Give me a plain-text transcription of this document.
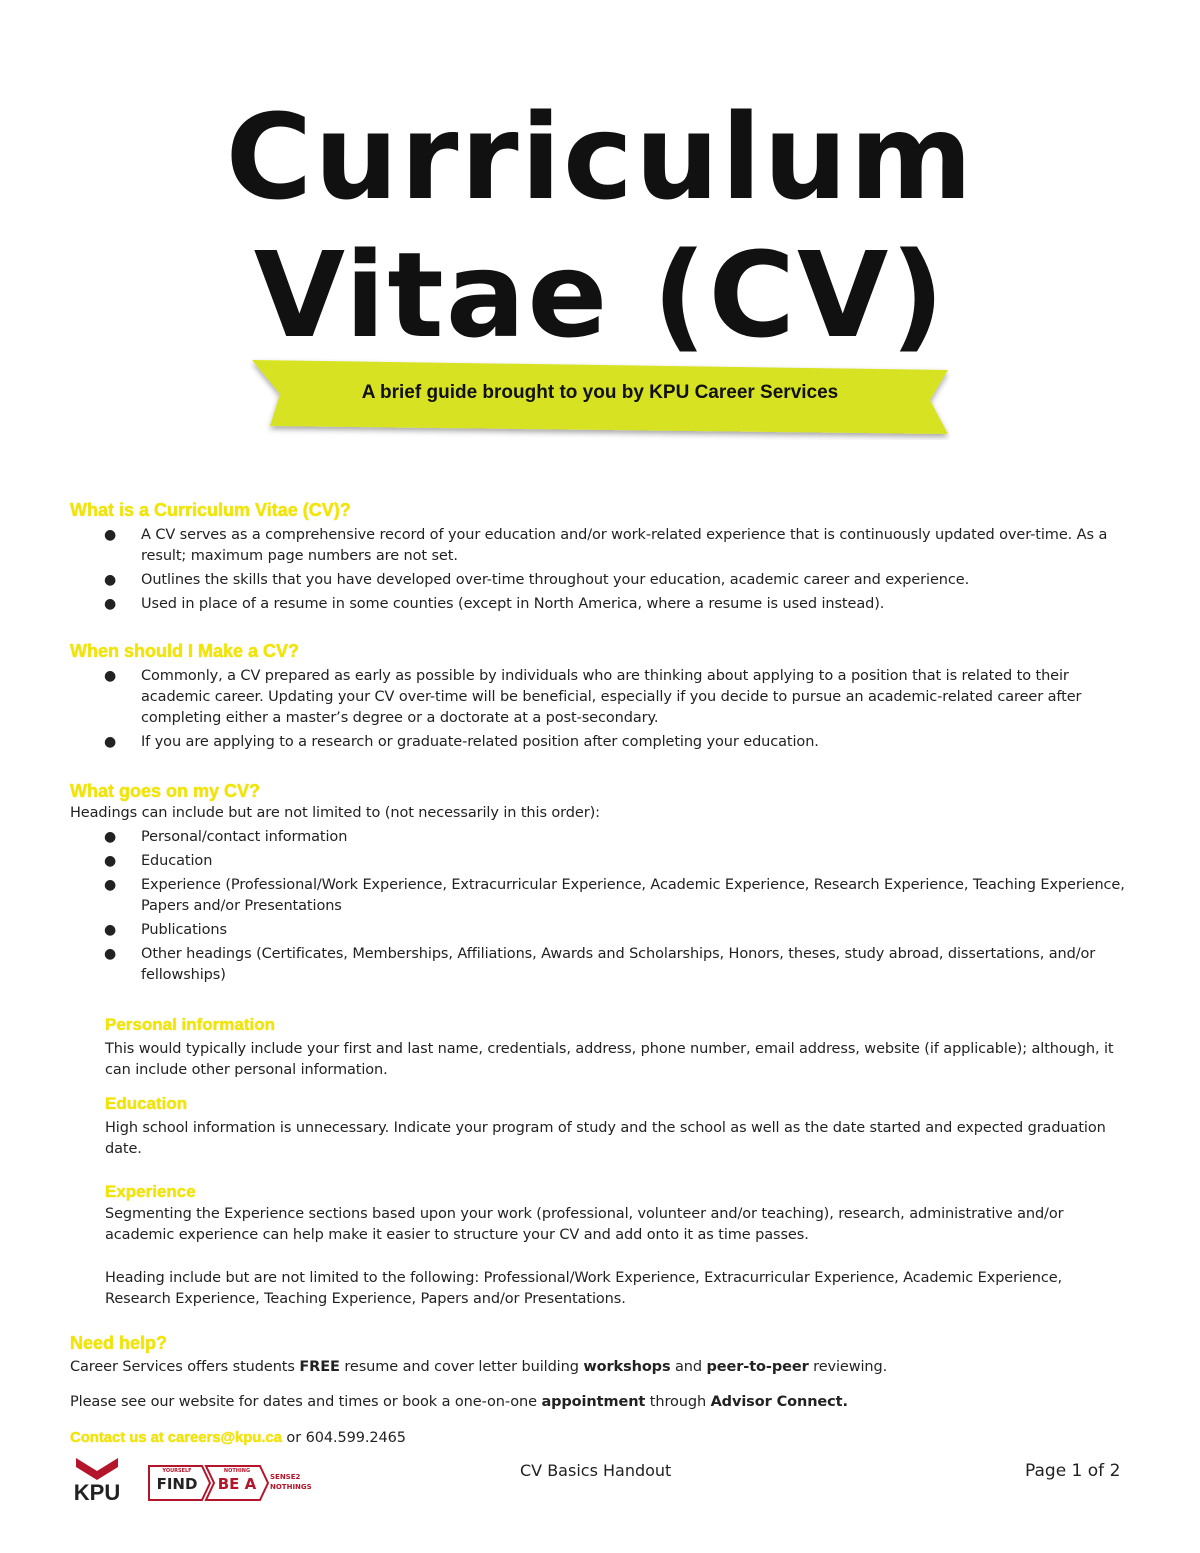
Curriculum
Vitae (CV)
A brief guide brought to you by KPU Career Services

What is a Curriculum Vitae (CV)?

● A CV serves as a comprehensive record of your education and/or work-related experience that is continuously updated over-time. As a result; maximum page numbers are not set.
● Outlines the skills that you have developed over-time throughout your education, academic career and experience.
● Used in place of a resume in some counties (except in North America, where a resume is used instead).

When should I Make a CV?

● Commonly, a CV prepared as early as possible by individuals who are thinking about applying to a position that is related to their academic career. Updating your CV over-time will be beneficial, especially if you decide to pursue an academic-related career after completing either a master’s degree or a doctorate at a post-secondary.
● If you are applying to a research or graduate-related position after completing your education.

What goes on my CV?

Headings can include but are not limited to (not necessarily in this order):

● Personal/contact information
● Education
● Experience (Professional/Work Experience, Extracurricular Experience, Academic Experience, Research Experience, Teaching Experience, Papers and/or Presentations
● Publications
● Other headings (Certificates, Memberships, Affiliations, Awards and Scholarships, Honors, theses, study abroad, dissertations, and/or fellowships)

Personal information

This would typically include your first and last name, credentials, address, phone number, email address, website (if applicable); although, it can include other personal information.

Education

High school information is unnecessary. Indicate your program of study and the school as well as the date started and expected graduation date.

Experience

Segmenting the Experience sections based upon your work (professional, volunteer and/or teaching), research, administrative and/or academic experience can help make it easier to structure your CV and add onto it as time passes.

Heading include but are not limited to the following: Professional/Work Experience, Extracurricular Experience, Academic Experience, Research Experience, Teaching Experience, Papers and/or Presentations.

Need help?

Career Services offers students FREE resume and cover letter building workshops and peer-to-peer reviewing.

Please see our website for dates and times or book a one-on-one appointment through Advisor Connect.

Contact us at careers@kpu.ca or 604.599.2465

KPU
YOURSELF
FIND
NOTHING
BE A	SENSE2 NOTHINGS
CV Basics Handout	Page 1 of 2
